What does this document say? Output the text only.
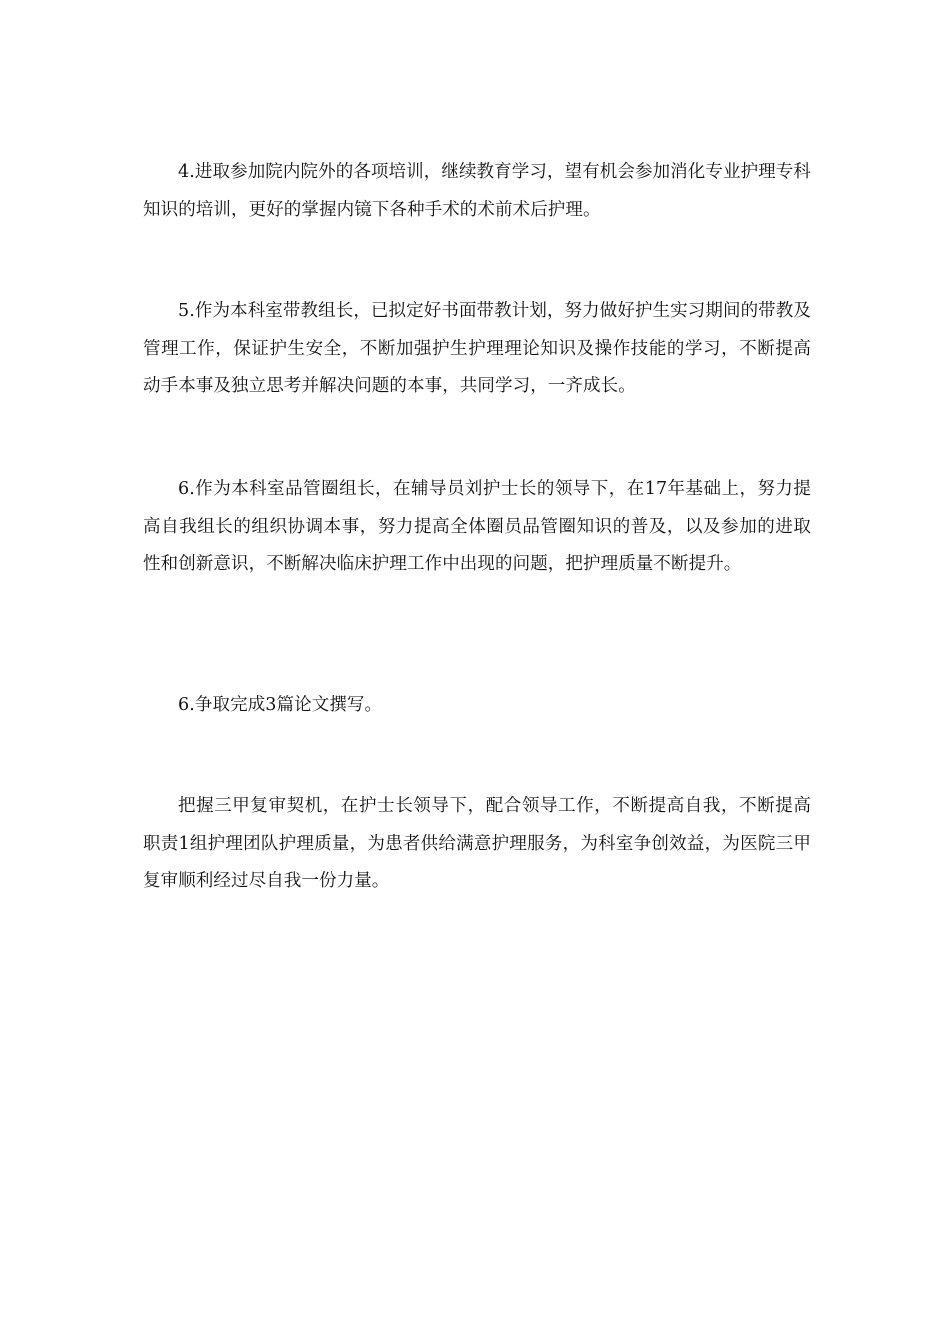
4.进取参加院内院外的各项培训，继续教育学习，望有机会参加消化专业护理专科知识的培训，更好的掌握内镜下各种手术的术前术后护理。

5.作为本科室带教组长，已拟定好书面带教计划，努力做好护生实习期间的带教及管理工作，保证护生安全，不断加强护生护理理论知识及操作技能的学习，不断提高动手本事及独立思考并解决问题的本事，共同学习，一齐成长。

6.作为本科室品管圈组长，在辅导员刘护士长的领导下，在17年基础上，努力提高自我组长的组织协调本事，努力提高全体圈员品管圈知识的普及，以及参加的进取性和创新意识，不断解决临床护理工作中出现的问题，把护理质量不断提升。

6.争取完成3篇论文撰写。

把握三甲复审契机，在护士长领导下，配合领导工作，不断提高自我，不断提高职责1组护理团队护理质量，为患者供给满意护理服务，为科室争创效益，为医院三甲复审顺利经过尽自我一份力量。
